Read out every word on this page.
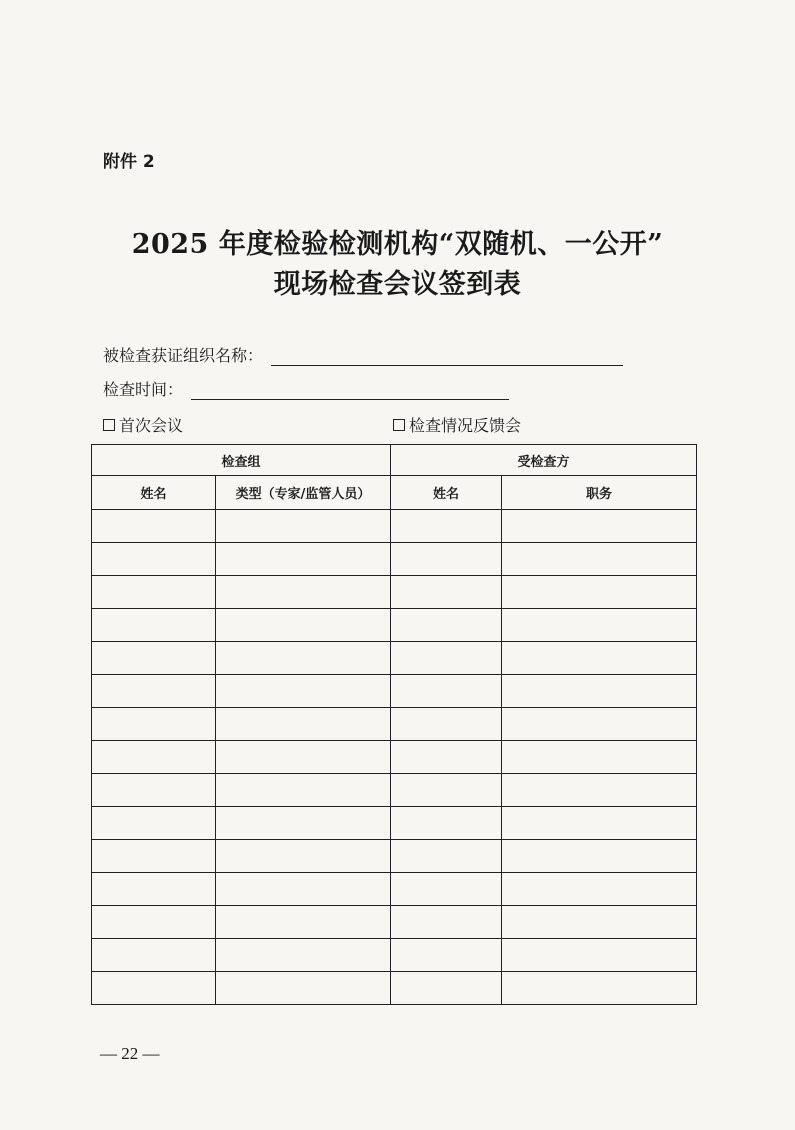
附件 2
2025 年度检验检测机构“双随机、一公开”
现场检查会议签到表
被检查获证组织名称：
检查时间：
首次会议	检查情况反馈会
检查组		受检查方	
姓名	类型（专家/监管人员）	姓名	职务

— 22 —
